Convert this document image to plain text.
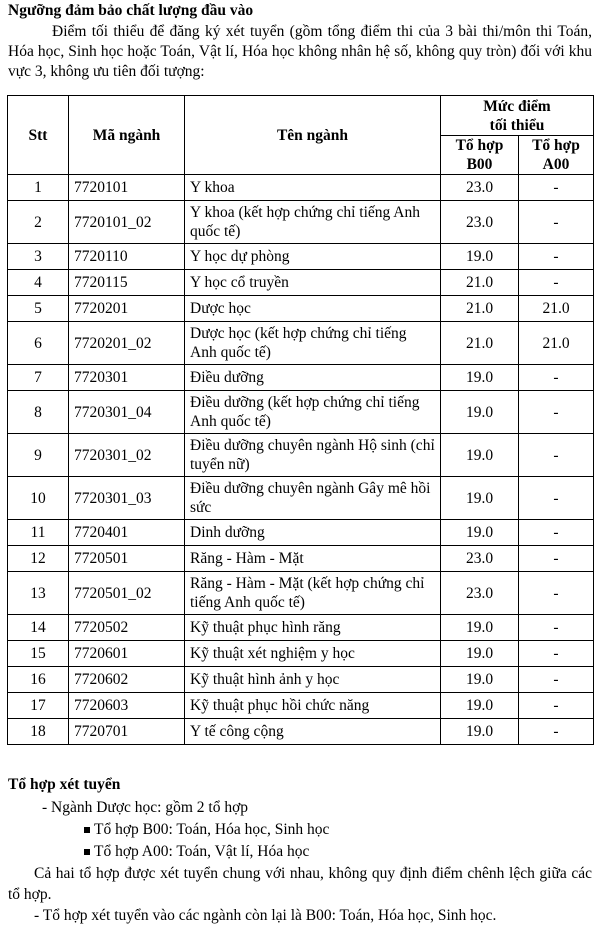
Ngưỡng đảm bảo chất lượng đầu vào
Điểm tối thiểu để đăng ký xét tuyển (gồm tổng điểm thi của 3 bài thi/môn thi Toán, Hóa học, Sinh học hoặc Toán, Vật lí, Hóa học không nhân hệ số, không quy tròn) đối với khu vực 3, không ưu tiên đối tượng:
Stt	Mã ngành	Tên ngành	Mức điểm tối thiểu	
			Tổ hợp B00	Tổ hợp A00
1	7720101	Y khoa	23.0	-
2	7720101_02	Y khoa (kết hợp chứng chỉ tiếng Anh quốc tế)	23.0	-
3	7720110	Y học dự phòng	19.0	-
4	7720115	Y học cổ truyền	21.0	-
5	7720201	Dược học	21.0	21.0
6	7720201_02	Dược học (kết hợp chứng chỉ tiếng Anh quốc tế)	21.0	21.0
7	7720301	Điều dưỡng	19.0	-
8	7720301_04	Điều dưỡng (kết hợp chứng chỉ tiếng Anh quốc tế)	19.0	-
9	7720301_02	Điều dưỡng chuyên ngành Hộ sinh (chỉ tuyển nữ)	19.0	-
10	7720301_03	Điều dưỡng chuyên ngành Gây mê hồi sức	19.0	-
11	7720401	Dinh dưỡng	19.0	-
12	7720501	Răng - Hàm - Mặt	23.0	-
13	7720501_02	Răng - Hàm - Mặt (kết hợp chứng chỉ tiếng Anh quốc tế)	23.0	-
14	7720502	Kỹ thuật phục hình răng	19.0	-
15	7720601	Kỹ thuật xét nghiệm y học	19.0	-
16	7720602	Kỹ thuật hình ảnh y học	19.0	-
17	7720603	Kỹ thuật phục hồi chức năng	19.0	-
18	7720701	Y tế công cộng	19.0	-
Tổ hợp xét tuyển
- Ngành Dược học: gồm 2 tổ hợp
Tổ hợp B00: Toán, Hóa học, Sinh học
Tổ hợp A00: Toán, Vật lí, Hóa học
Cả hai tổ hợp được xét tuyển chung với nhau, không quy định điểm chênh lệch giữa các tổ hợp.
- Tổ hợp xét tuyển vào các ngành còn lại là B00: Toán, Hóa học, Sinh học.
